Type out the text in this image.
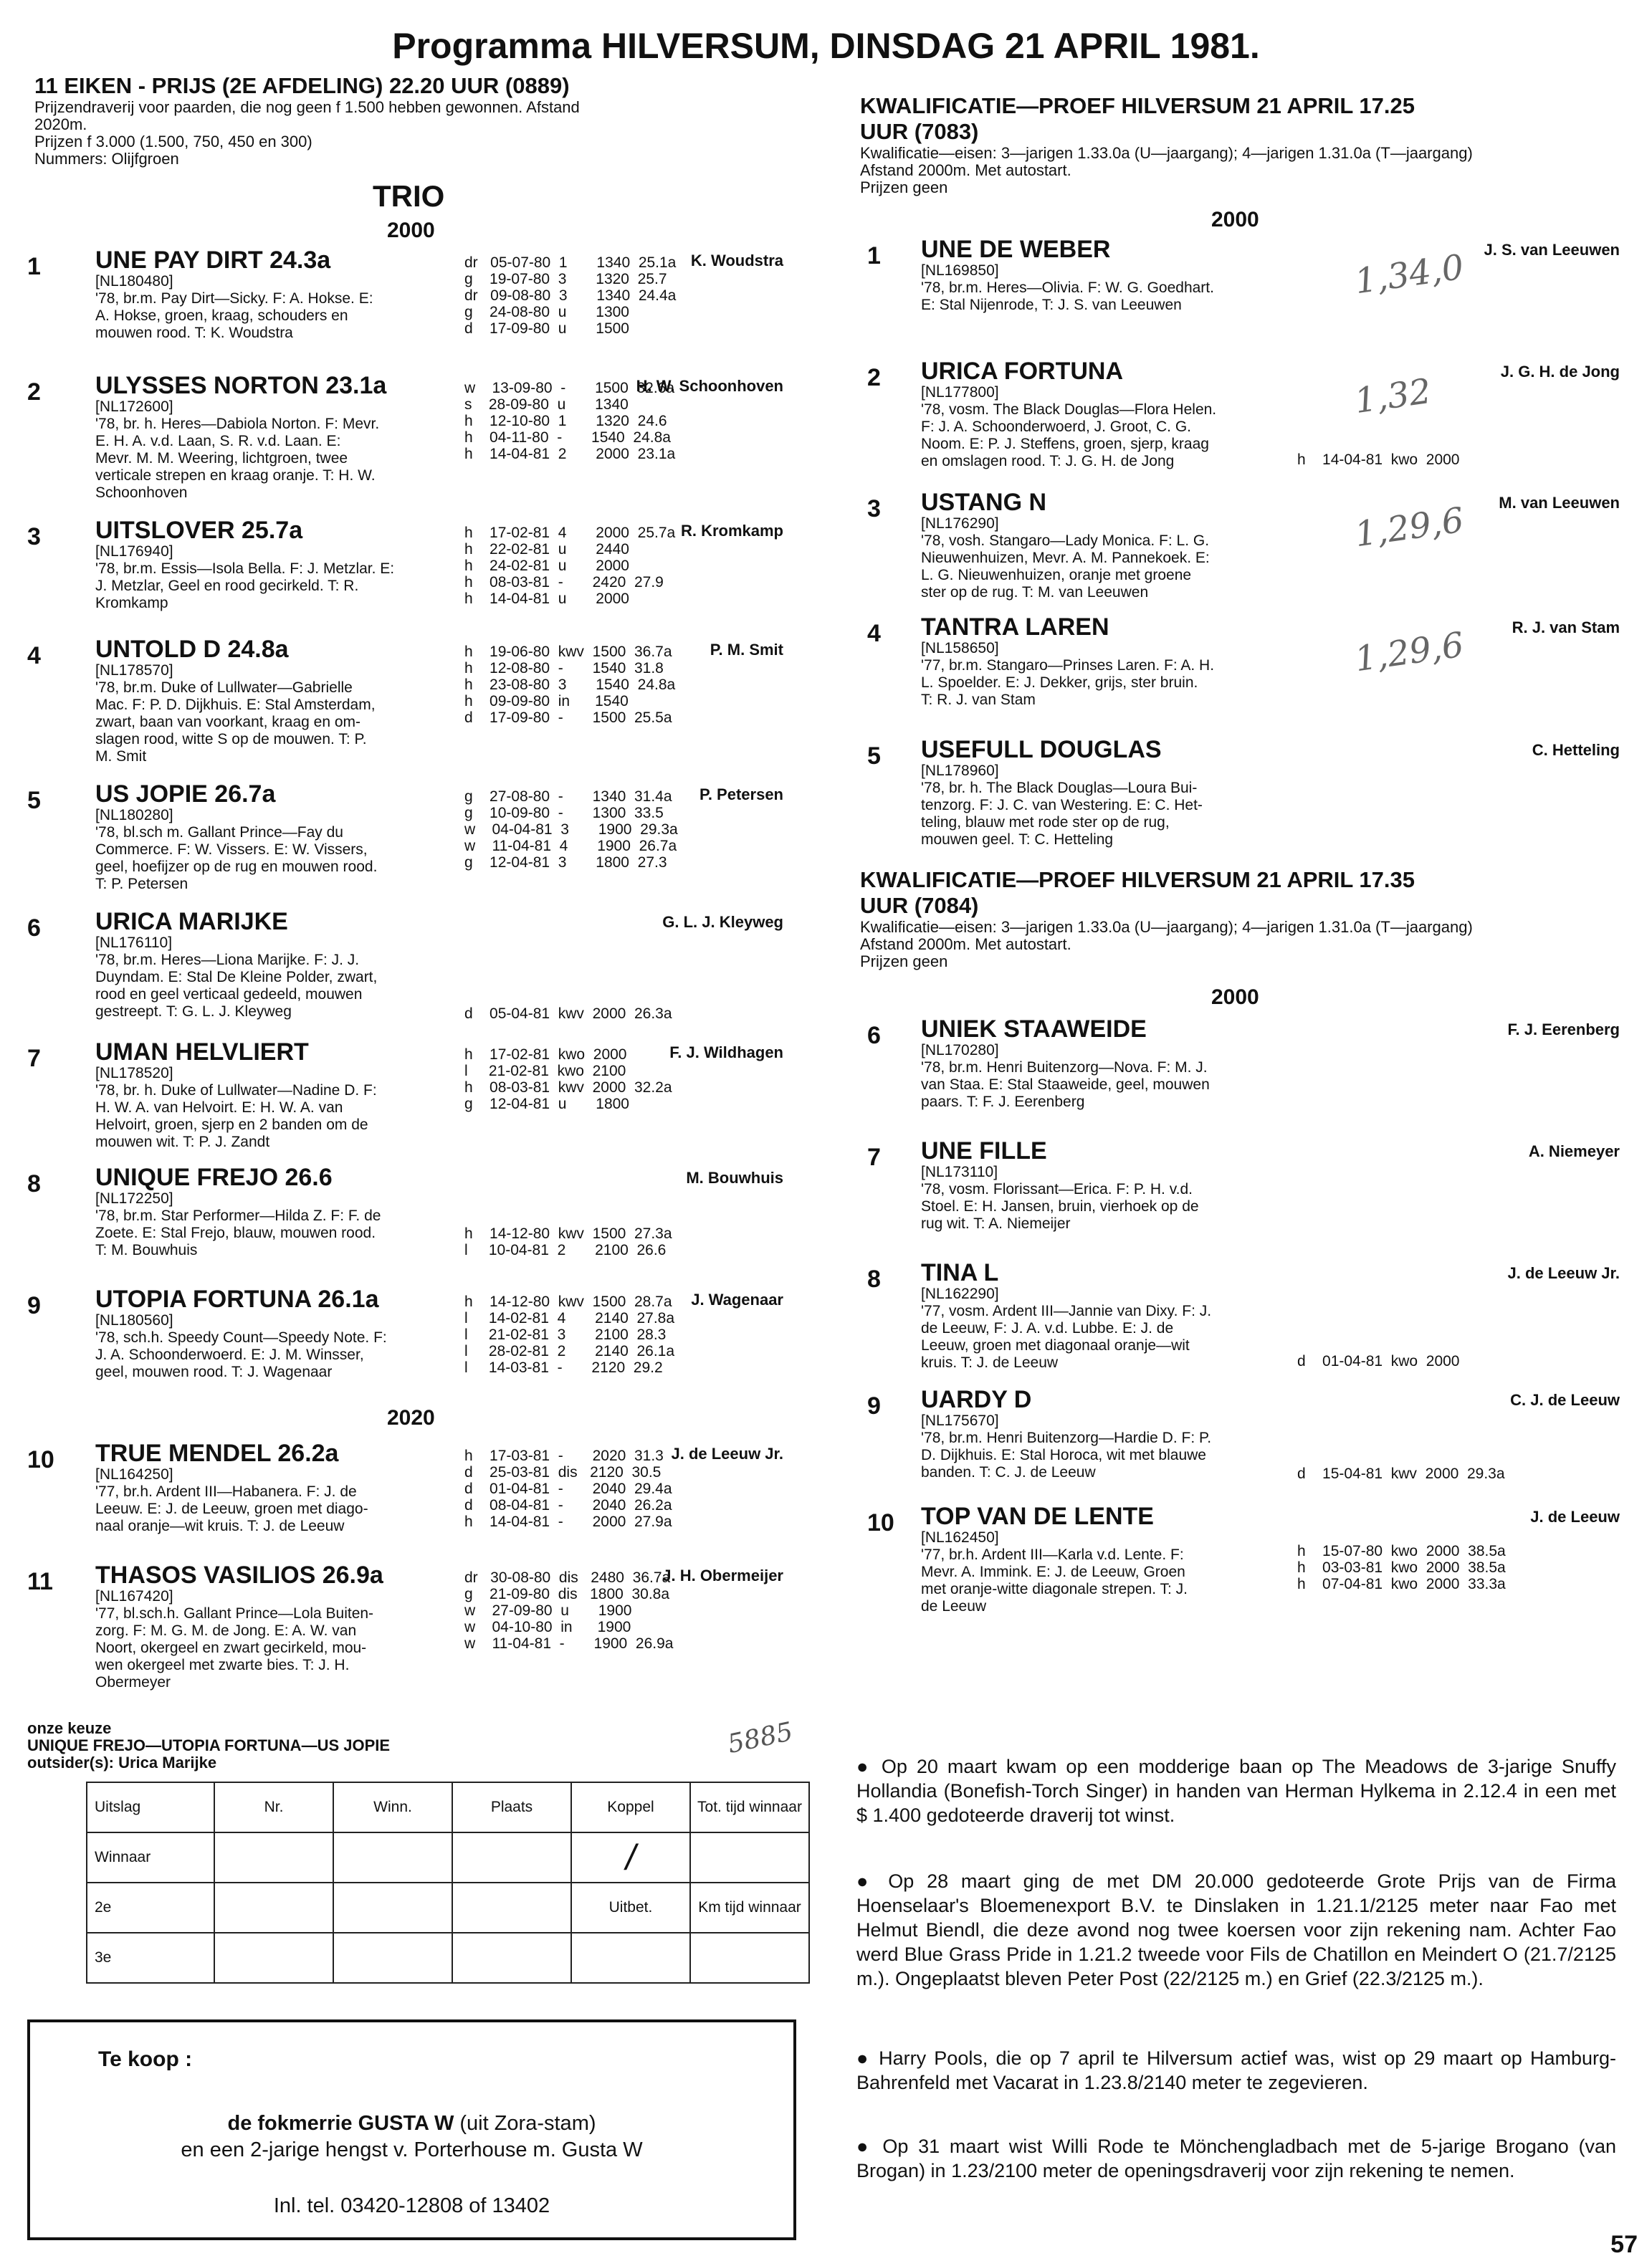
Programma HILVERSUM, DINSDAG 21 APRIL 1981.
11 EIKEN - PRIJS (2E AFDELING) 22.20 UUR (0889)
Prijzendraverij voor paarden, die nog geen f 1.500 hebben gewonnen. Afstand
2020m.
Prijzen f 3.000 (1.500, 750, 450 en 300)
Nummers: Olijfgroen
TRIO
2000
2020
1 UNE PAY DIRT 24.3a
[NL180480]
'78, br.m. Pay Dirt—Sicky. F: A. Hokse. E:
A. Hokse, groen, kraag, schouders en
mouwen rood. T: K. Woudstra
K. Woudstra
dr   05-07-80  1       1340  25.1a
g    19-07-80  3       1320  25.7
dr   09-08-80  3       1340  24.4a
g    24-08-80  u       1300
d    17-09-80  u       1500
2 ULYSSES NORTON 23.1a
[NL172600]
'78, br. h. Heres—Dabiola Norton. F: Mevr.
E. H. A. v.d. Laan, S. R. v.d. Laan. E:
Mevr. M. M. Weering, lichtgroen, twee
verticale strepen en kraag oranje. T: H. W.
Schoonhoven
H. W. Schoonhoven
w    13-09-80  -       1500  32.6a
s    28-09-80  u       1340
h    12-10-80  1       1320  24.6
h    04-11-80  -       1540  24.8a
h    14-04-81  2       2000  23.1a
3 UITSLOVER 25.7a
[NL176940]
'78, br.m. Essis—Isola Bella. F: J. Metzlar. E:
J. Metzlar, Geel en rood gecirkeld. T: R.
Kromkamp
R. Kromkamp
h    17-02-81  4       2000  25.7a
h    22-02-81  u       2440
h    24-02-81  u       2000
h    08-03-81  -       2420  27.9
h    14-04-81  u       2000
4 UNTOLD D 24.8a
[NL178570]
'78, br.m. Duke of Lullwater—Gabrielle
Mac. F: P. D. Dijkhuis. E: Stal Amsterdam,
zwart, baan van voorkant, kraag en om-
slagen rood, witte S op de mouwen. T: P.
M. Smit
P. M. Smit
h    19-06-80  kwv  1500  36.7a
h    12-08-80  -       1540  31.8
h    23-08-80  3       1540  24.8a
h    09-09-80  in      1540
d    17-09-80  -       1500  25.5a
5 US JOPIE 26.7a
[NL180280]
'78, bl.sch m. Gallant Prince—Fay du
Commerce. F: W. Vissers. E: W. Vissers,
geel, hoefijzer op de rug en mouwen rood.
T: P. Petersen
P. Petersen
g    27-08-80  -       1340  31.4a
g    10-09-80  -       1300  33.5
w    04-04-81  3       1900  29.3a
w    11-04-81  4       1900  26.7a
g    12-04-81  3       1800  27.3
6 URICA MARIJKE
[NL176110]
'78, br.m. Heres—Liona Marijke. F: J. J.
Duyndam. E: Stal De Kleine Polder, zwart,
rood en geel verticaal gedeeld, mouwen
gestreept. T: G. L. J. Kleyweg
G. L. J. Kleyweg
d    05-04-81  kwv  2000  26.3a
7 UMAN HELVLIERT
[NL178520]
'78, br. h. Duke of Lullwater—Nadine D. F:
H. W. A. van Helvoirt. E: H. W. A. van
Helvoirt, groen, sjerp en 2 banden om de
mouwen wit. T: P. J. Zandt
F. J. Wildhagen
h    17-02-81  kwo  2000
l     21-02-81  kwo  2100
h    08-03-81  kwv  2000  32.2a
g    12-04-81  u       1800
8 UNIQUE FREJO 26.6
[NL172250]
'78, br.m. Star Performer—Hilda Z. F: F. de
Zoete. E: Stal Frejo, blauw, mouwen rood.
T: M. Bouwhuis
M. Bouwhuis
h    14-12-80  kwv  1500  27.3a
l     10-04-81  2       2100  26.6
9 UTOPIA FORTUNA 26.1a
[NL180560]
'78, sch.h. Speedy Count—Speedy Note. F:
J. A. Schoonderwoerd. E: J. M. Winsser,
geel, mouwen rood. T: J. Wagenaar
J. Wagenaar
h    14-12-80  kwv  1500  28.7a
l     14-02-81  4       2140  27.8a
l     21-02-81  3       2100  28.3
l     28-02-81  2       2140  26.1a
l     14-03-81  -       2120  29.2
10 TRUE MENDEL 26.2a
[NL164250]
'77, br.h. Ardent III—Habanera. F: J. de
Leeuw. E: J. de Leeuw, groen met diago-
naal oranje—wit kruis. T: J. de Leeuw
J. de Leeuw Jr.
h    17-03-81  -       2020  31.3
d    25-03-81  dis   2120  30.5
d    01-04-81  -       2040  29.4a
d    08-04-81  -       2040  26.2a
h    14-04-81  -       2000  27.9a
11 THASOS VASILIOS 26.9a
[NL167420]
'77, bl.sch.h. Gallant Prince—Lola Buiten-
zorg. F: M. G. M. de Jong. E: A. W. van
Noort, okergeel en zwart gecirkeld, mou-
wen okergeel met zwarte bies. T: J. H.
Obermeyer
J. H. Obermeijer
dr   30-08-80  dis   2480  36.7a
g    21-09-80  dis   1800  30.8a
w    27-09-80  u       1900
w    04-10-80  in      1900
w    11-04-81  -       1900  26.9a
onze keuze
UNIQUE FREJO—UTOPIA FORTUNA—US JOPIE
outsider(s): Urica Marijke
5885
Uitslag	Nr.	Winn.	Plaats	Koppel	Tot. tijd winnaar
Winnaar				/	
2e				Uitbet.	Km tijd winnaar
3e					
Te koop :
de fokmerrie GUSTA W (uit Zora-stam)
en een 2-jarige hengst v. Porterhouse m. Gusta W
Inl. tel. 03420-12808 of 13402
KWALIFICATIE—PROEF HILVERSUM 21 APRIL 17.25
UUR (7083)
Kwalificatie—eisen: 3—jarigen 1.33.0a (U—jaargang); 4—jarigen 1.31.0a (T—jaargang)
Afstand 2000m. Met autostart.
Prijzen geen
2000
1 UNE DE WEBER
[NL169850]
'78, br.m. Heres—Olivia. F: W. G. Goedhart.
E: Stal Nijenrode, T: J. S. van Leeuwen
J. S. van Leeuwen
1,34,0
2 URICA FORTUNA
[NL177800]
'78, vosm. The Black Douglas—Flora Helen.
F: J. A. Schoonderwoerd, J. Groot, C. G.
Noom. E: P. J. Steffens, groen, sjerp, kraag
en omslagen rood. T: J. G. H. de Jong
J. G. H. de Jong
h    14-04-81  kwo  2000
1,32
3 USTANG N
[NL176290]
'78, vosh. Stangaro—Lady Monica. F: L. G.
Nieuwenhuizen, Mevr. A. M. Pannekoek. E:
L. G. Nieuwenhuizen, oranje met groene
ster op de rug. T: M. van Leeuwen
M. van Leeuwen
1,29,6
4 TANTRA LAREN
[NL158650]
'77, br.m. Stangaro—Prinses Laren. F: A. H.
L. Spoelder. E: J. Dekker, grijs, ster bruin.
T: R. J. van Stam
R. J. van Stam
1,29,6
5 USEFULL DOUGLAS
[NL178960]
'78, br. h. The Black Douglas—Loura Bui-
tenzorg. F: J. C. van Westering. E: C. Het-
teling, blauw met rode ster op de rug,
mouwen geel. T: C. Hetteling
C. Hetteling
KWALIFICATIE—PROEF HILVERSUM 21 APRIL 17.35
UUR (7084)
Kwalificatie—eisen: 3—jarigen 1.33.0a (U—jaargang); 4—jarigen 1.31.0a (T—jaargang)
Afstand 2000m. Met autostart.
Prijzen geen
2000
6 UNIEK STAAWEIDE
[NL170280]
'78, br.m. Henri Buitenzorg—Nova. F: M. J.
van Staa. E: Stal Staaweide, geel, mouwen
paars. T: F. J. Eerenberg
F. J. Eerenberg
7 UNE FILLE
[NL173110]
'78, vosm. Florissant—Erica. F: P. H. v.d.
Stoel. E: H. Jansen, bruin, vierhoek op de
rug wit. T: A. Niemeijer
A. Niemeyer
8 TINA L
[NL162290]
'77, vosm. Ardent III—Jannie van Dixy. F: J.
de Leeuw, F: J. A. v.d. Lubbe. E: J. de
Leeuw, groen met diagonaal oranje—wit
kruis. T: J. de Leeuw
J. de Leeuw Jr.
d    01-04-81  kwo  2000
9 UARDY D
[NL175670]
'78, br.m. Henri Buitenzorg—Hardie D. F: P.
D. Dijkhuis. E: Stal Horoca, wit met blauwe
banden. T: C. J. de Leeuw
C. J. de Leeuw
d    15-04-81  kwv  2000  29.3a
10 TOP VAN DE LENTE
[NL162450]
'77, br.h. Ardent III—Karla v.d. Lente. F:
Mevr. A. Immink. E: J. de Leeuw, Groen
met oranje-witte diagonale strepen. T: J.
de Leeuw
J. de Leeuw
h    15-07-80  kwo  2000  38.5a
h    03-03-81  kwo  2000  38.5a
h    07-04-81  kwo  2000  33.3a
● Op 20 maart kwam op een modderige baan op The Meadows de 3-jarige Snuffy Hollandia (Bonefish-Torch Singer) in handen van Herman Hylkema in 2.12.4 in een met $ 1.400 gedoteerde draverij tot winst.
● Op 28 maart ging de met DM 20.000 gedoteerde Grote Prijs van de Firma Hoenselaar's Bloemenexport B.V. te Dinslaken in 1.21.1/2125 meter naar Fao met Helmut Biendl, die deze avond nog twee koersen voor zijn rekening nam. Achter Fao werd Blue Grass Pride in 1.21.2 tweede voor Fils de Chatillon en Meindert O (21.7/2125 m.). Ongeplaatst bleven Peter Post (22/2125 m.) en Grief (22.3/2125 m.).
● Harry Pools, die op 7 april te Hilversum actief was, wist op 29 maart op Hamburg-Bahrenfeld met Vacarat in 1.23.8/2140 meter te zegevieren.
● Op 31 maart wist Willi Rode te Mönchengladbach met de 5-jarige Brogano (van Brogan) in 1.23/2100 meter de openingsdraverij voor zijn rekening te nemen.
57
